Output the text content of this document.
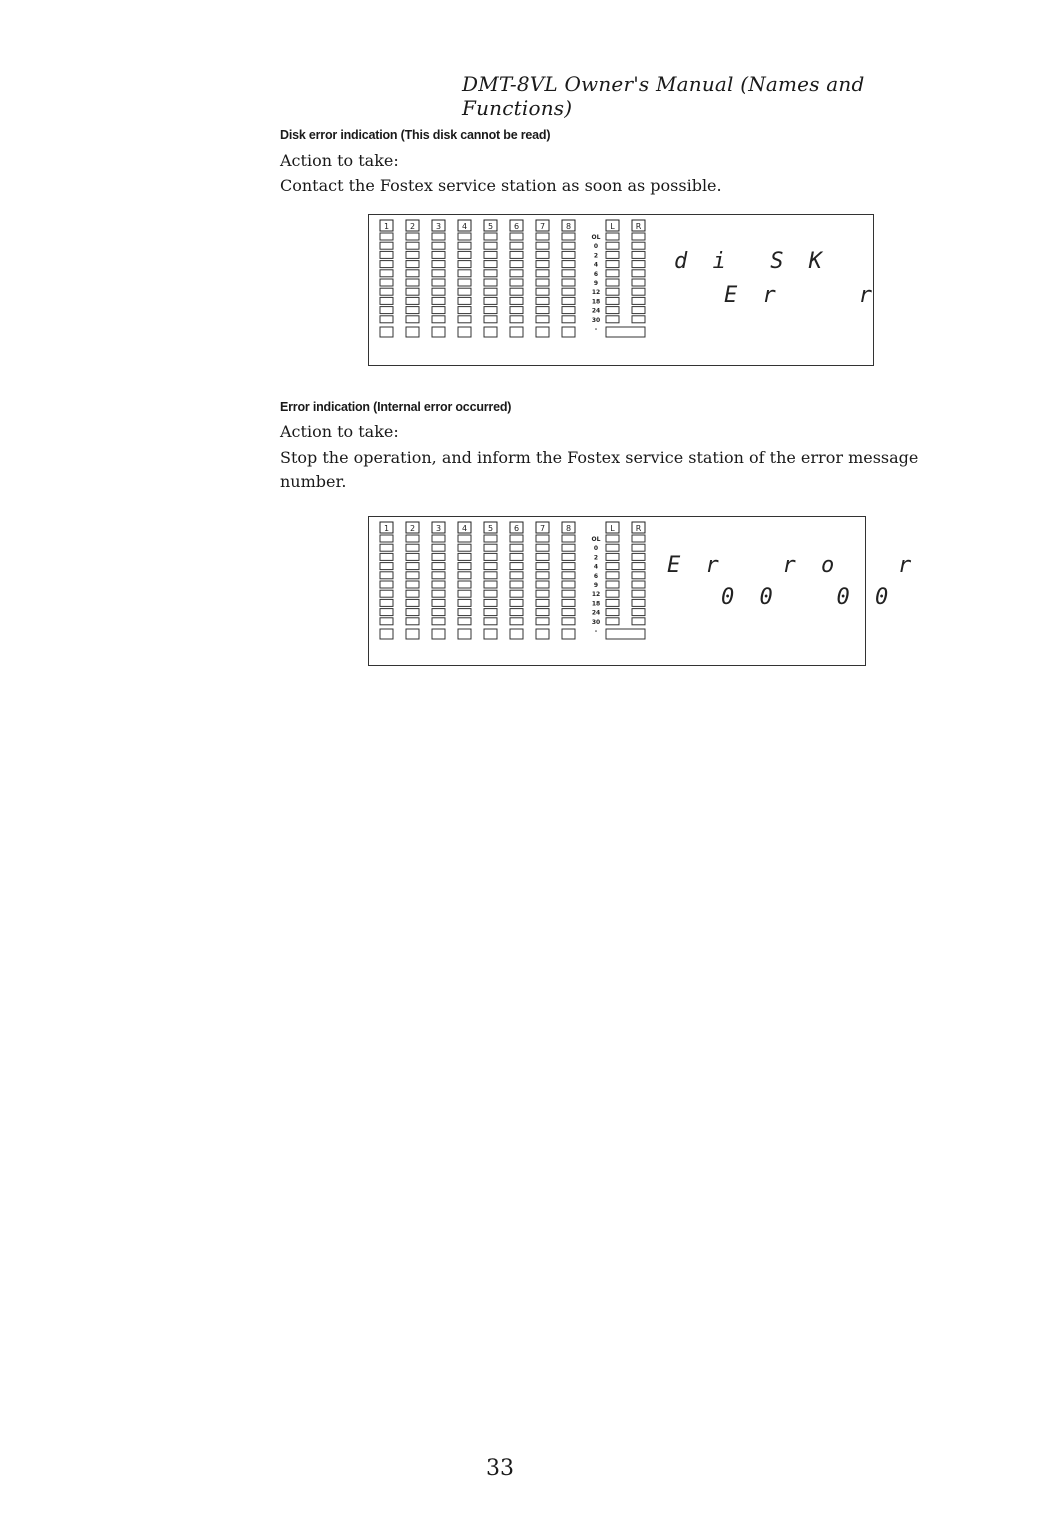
DMT-8VL Owner's Manual (Names and Functions)
Disk error indication (This disk cannot be read)
Action to take:
Contact the Fostex service station as soon as possible.
1	2	3	4	5	6	7	8
OL
0
2
4
6
9
12
18
24
30
-
L	R
d i  S K
E r    r
Error indication (Internal error occurred)
Action to take:
Stop the operation, and inform the Fostex service station of the error message number.
1	2	3	4	5	6	7	8
OL
0
2
4
6
9
12
18
24
30
-
L	R
E r   r o   r
0 0   0 0
33
